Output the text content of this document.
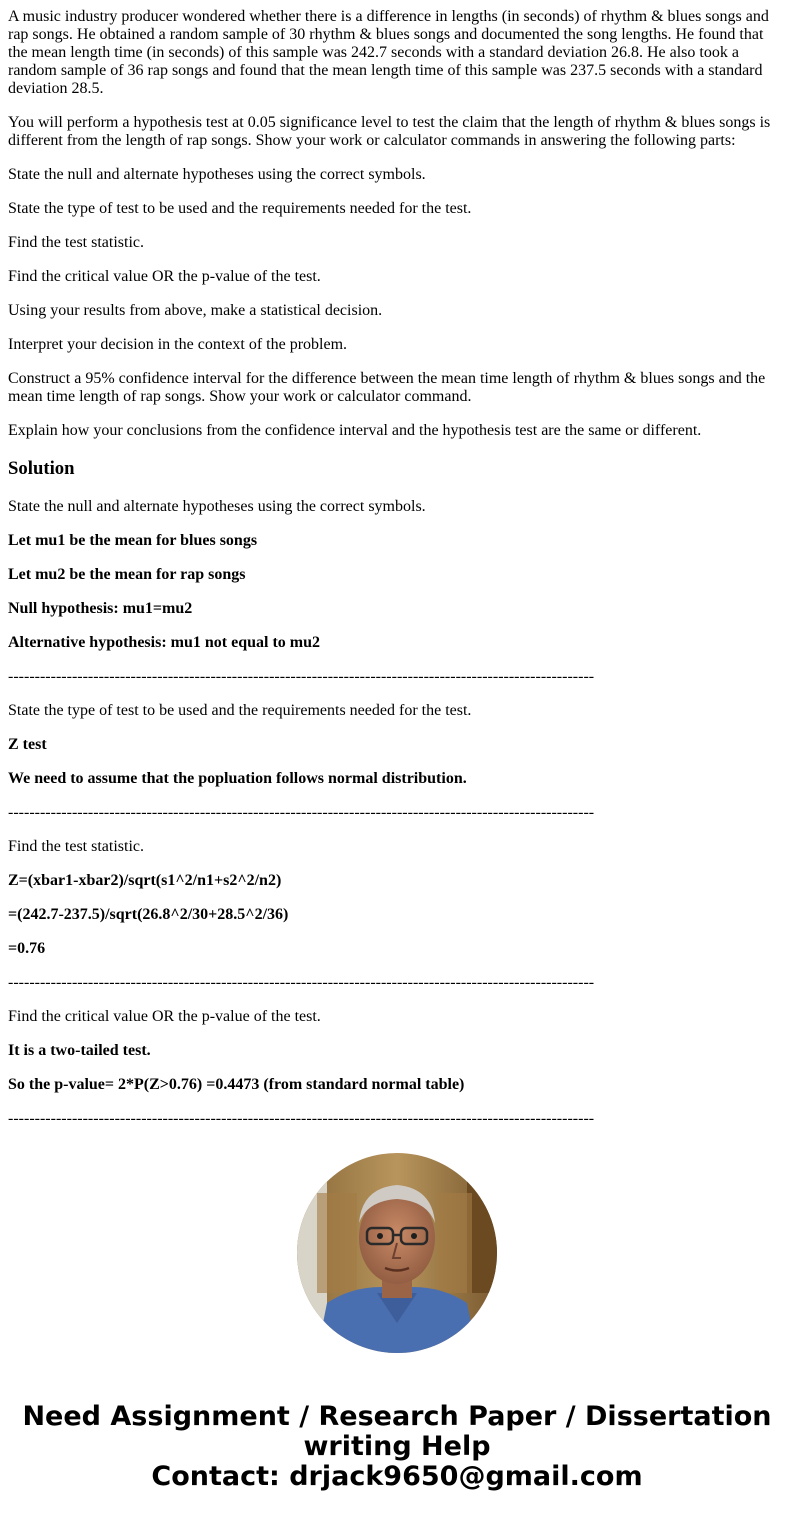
A music industry producer wondered whether there is a difference in lengths (in seconds) of rhythm & blues songs and rap songs. He obtained a random sample of 30 rhythm & blues songs and documented the song lengths. He found that the mean length time (in seconds) of this sample was 242.7 seconds with a standard deviation 26.8. He also took a random sample of 36 rap songs and found that the mean length time of this sample was 237.5 seconds with a standard deviation 28.5.

You will perform a hypothesis test at 0.05 significance level to test the claim that the length of rhythm & blues songs is different from the length of rap songs. Show your work or calculator commands in answering the following parts:

State the null and alternate hypotheses using the correct symbols.

State the type of test to be used and the requirements needed for the test.

Find the test statistic.

Find the critical value OR the p-value of the test.

Using your results from above, make a statistical decision.

Interpret your decision in the context of the problem.

Construct a 95% confidence interval for the difference between the mean time length of rhythm & blues songs and the mean time length of rap songs. Show your work or calculator command.

Explain how your conclusions from the confidence interval and the hypothesis test are the same or different.

Solution

State the null and alternate hypotheses using the correct symbols.

Let mu1 be the mean for blues songs

Let mu2 be the mean for rap songs

Null hypothesis: mu1=mu2

Alternative hypothesis: mu1 not equal to mu2

--------------------------------------------------------------------------------------------------------------

State the type of test to be used and the requirements needed for the test.

Z test

We need to assume that the popluation follows normal distribution.

--------------------------------------------------------------------------------------------------------------

Find the test statistic.

Z=(xbar1-xbar2)/sqrt(s1^2/n1+s2^2/n2)

=(242.7-237.5)/sqrt(26.8^2/30+28.5^2/36)

=0.76

--------------------------------------------------------------------------------------------------------------

Find the critical value OR the p-value of the test.

It is a two-tailed test.

So the p-value= 2*P(Z>0.76) =0.4473 (from standard normal table)

--------------------------------------------------------------------------------------------------------------

Need Assignment / Research Paper / Dissertation
writing Help
Contact: drjack9650@gmail.com
